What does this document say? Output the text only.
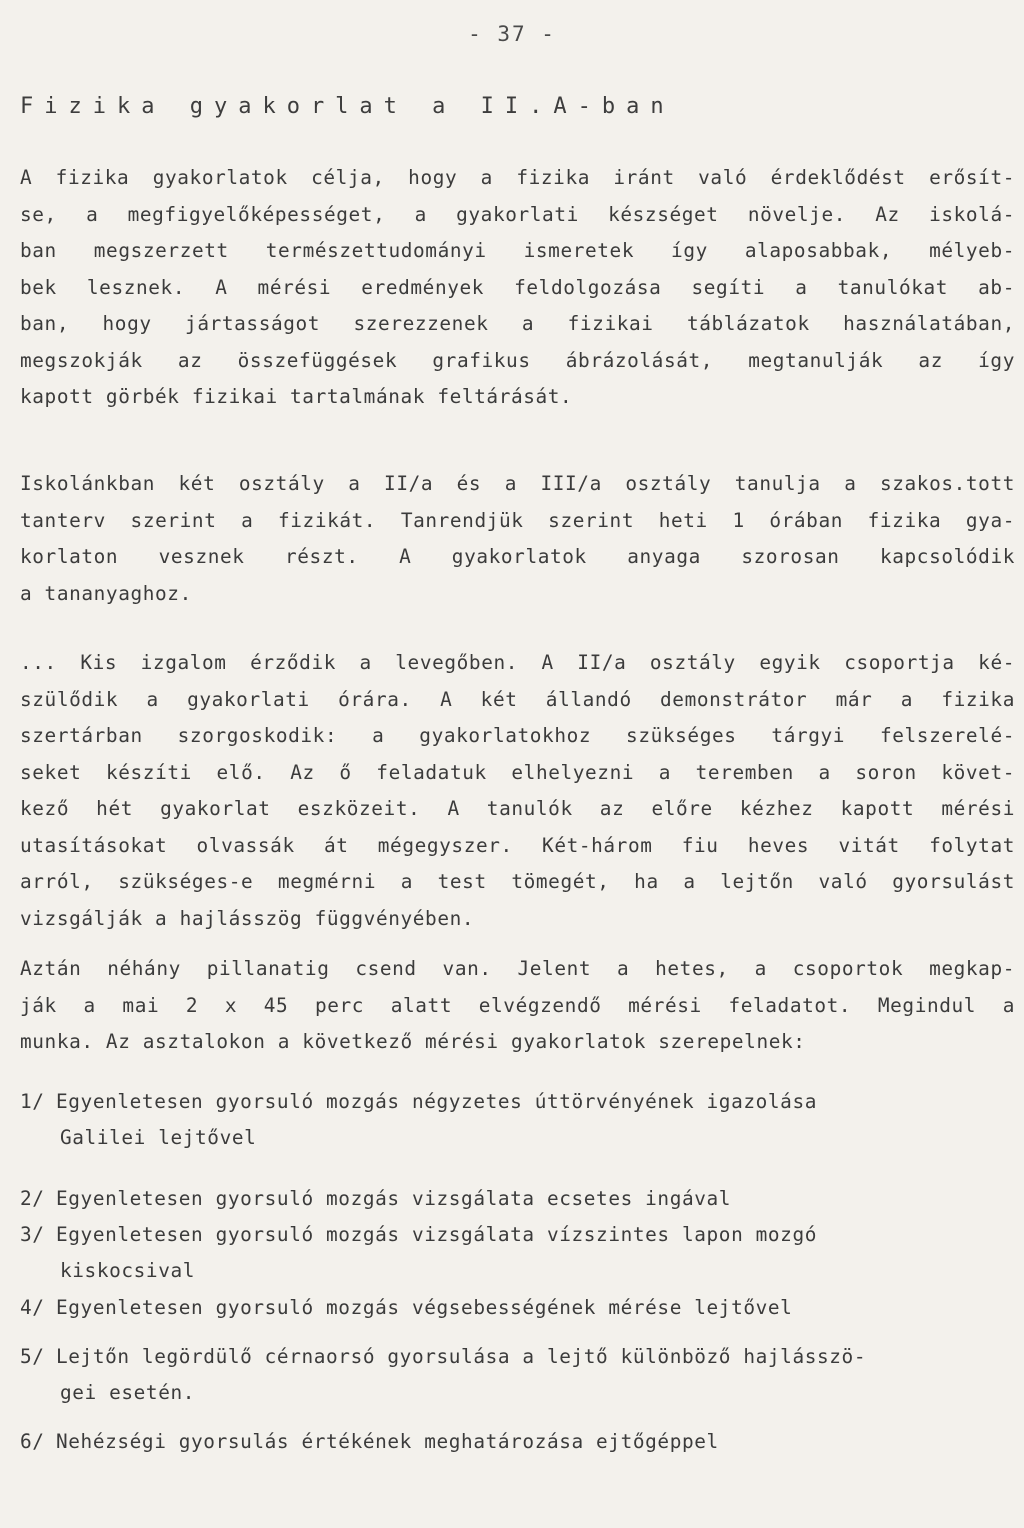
- 37 -
Fizika gyakorlat a II.A-ban
A fizika gyakorlatok célja, hogy a fizika iránt való érdeklődést erősít-
se, a megfigyelőképességet, a gyakorlati készséget növelje. Az iskolá-
ban megszerzett természettudományi ismeretek így alaposabbak, mélyeb-
bek lesznek. A mérési eredmények feldolgozása segíti a tanulókat ab-
ban, hogy jártasságot szerezzenek a fizikai táblázatok használatában,
megszokják az összefüggések grafikus ábrázolását, megtanulják az így
kapott görbék fizikai tartalmának feltárását.
Iskolánkban két osztály a II/a és a III/a osztály tanulja a szakos.tott
tanterv szerint a fizikát. Tanrendjük szerint heti 1 órában fizika gya-
korlaton vesznek részt. A gyakorlatok anyaga szorosan kapcsolódik
a tananyaghoz.
... Kis izgalom érződik a levegőben. A II/a osztály egyik csoportja ké-
szülődik a gyakorlati órára. A két állandó demonstrátor már a fizika
szertárban szorgoskodik: a gyakorlatokhoz szükséges tárgyi felszerelé-
seket készíti elő. Az ő feladatuk elhelyezni a teremben a soron követ-
kező hét gyakorlat eszközeit. A tanulók az előre kézhez kapott mérési
utasításokat olvassák át mégegyszer. Két-három fiu heves vitát folytat
arról, szükséges-e megmérni a test tömegét, ha a lejtőn való gyorsulást
vizsgálják a hajlásszög függvényében.
Aztán néhány pillanatig csend van. Jelent a hetes, a csoportok megkap-
ják a mai 2 x 45 perc alatt elvégzendő mérési feladatot. Megindul a
munka. Az asztalokon a következő mérési gyakorlatok szerepelnek:
1/ Egyenletesen gyorsuló mozgás négyzetes úttörvényének igazolása
Galilei lejtővel
2/ Egyenletesen gyorsuló mozgás vizsgálata ecsetes ingával
3/ Egyenletesen gyorsuló mozgás vizsgálata vízszintes lapon mozgó
kiskocsival
4/ Egyenletesen gyorsuló mozgás végsebességének mérése lejtővel
5/ Lejtőn legördülő cérnaorsó gyorsulása a lejtő különböző hajlásszö-
gei esetén.
6/ Nehézségi gyorsulás értékének meghatározása ejtőgéppel
